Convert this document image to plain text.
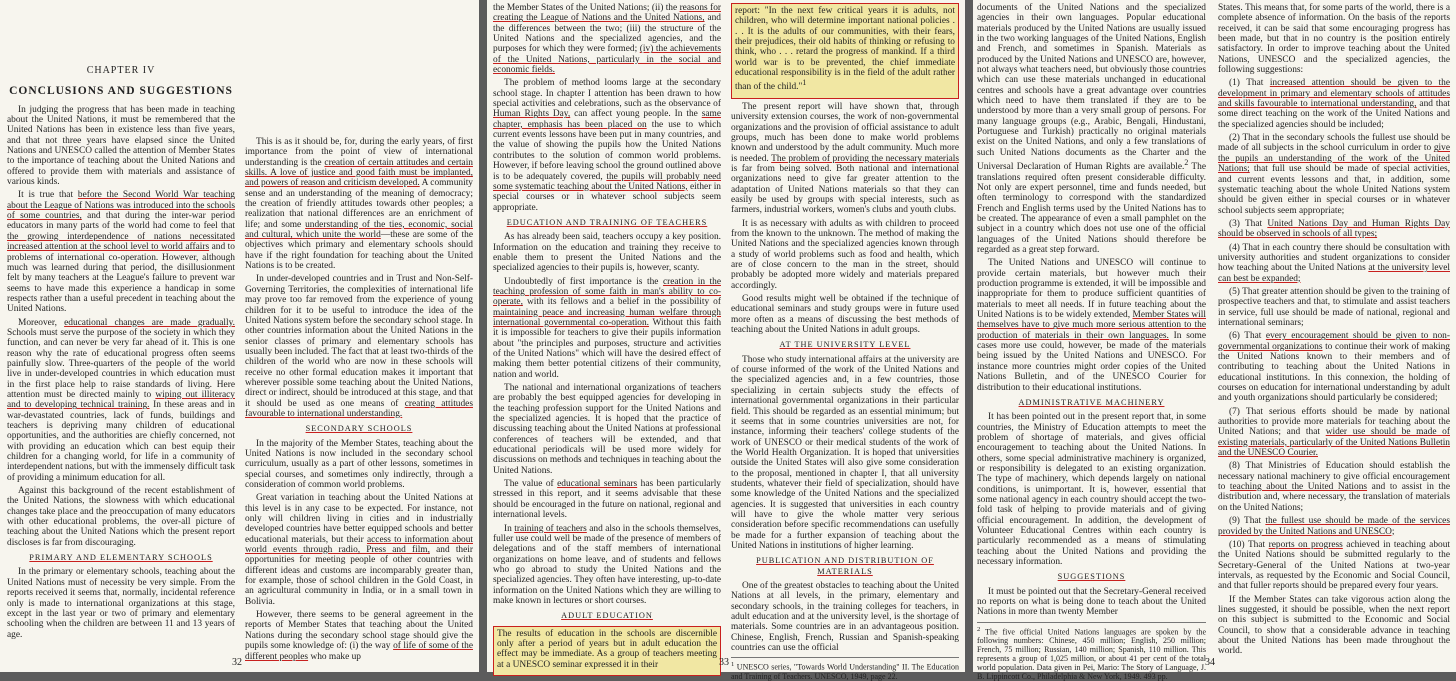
CHAPTER IV
CONCLUSIONS AND SUGGESTIONS

In judging the progress that has been made in teaching about the United Nations, it must be remembered that the United Nations has been in existence less than five years, and that not three years have elapsed since the United Nations and UNESCO called the attention of Member States to the importance of teaching about the United Nations and offered to provide them with materials and assistance of various kinds.

It is true that before the Second World War teaching about the League of Nations was introduced into the schools of some countries, and that during the inter-war period educators in many parts of the world had come to feel that the growing interdependence of nations necessitated increased attention at the school level to world affairs and to problems of international co-operation. However, although much was learned during that period, the disillusionment felt by many teachers at the League's failure to prevent war seems to have made this experience a handicap in some respects rather than a useful precedent in teaching about the United Nations.

Moreover, educational changes are made gradually. Schools must serve the purpose of the society in which they function, and can never be very far ahead of it. This is one reason why the rate of educational progress often seems painfully slow. Three-quarters of the people of the world live in under-developed countries in which education must in the first place help to raise standards of living. Here attention must be directed mainly to wiping out illiteracy and to developing technical training. In these areas and in war-devastated countries, lack of funds, buildings and teachers is depriving many children of educational opportunities, and the authorities are chiefly concerned, not with providing an education which can best equip their children for a changing world, for life in a community of interdependent nations, but with the immensely difficult task of providing a minimum education for all.

Against this background of the recent establishment of the United Nations, the slowness with which educational changes take place and the preoccupation of many educators with other educational problems, the over-all picture of teaching about the United Nations which the present report discloses is far from discouraging.

PRIMARY AND ELEMENTARY SCHOOLS

In the primary or elementary schools, teaching about the United Nations must of necessity be very simple. From the reports received it seems that, normally, incidental reference only is made to international organizations at this stage, except in the last year or two of primary and elementary schooling when the children are between 11 and 13 years of age.

This is as it should be, for, during the early years, of first importance from the point of view of international understanding is the creation of certain attitudes and certain skills. A love of justice and good faith must be implanted, and powers of reason and criticism developed. A community sense and an understanding of the meaning of democracy; the creation of friendly attitudes towards other peoples; a realization that national differences are an enrichment of life; and some understanding of the ties, economic, social and cultural, which unite the world—these are some of the objectives which primary and elementary schools should have if the right foundation for teaching about the United Nations is to be created.

In under-developed countries and in Trust and Non-Self-Governing Territories, the complexities of international life may prove too far removed from the experience of young children for it to be useful to introduce the idea of the United Nations system before the secondary school stage. In other countries information about the United Nations in the senior classes of primary and elementary schools has usually been included. The fact that at least two-thirds of the children of the world who are now in these schools will receive no other formal education makes it important that wherever possible some teaching about the United Nations, direct or indirect, should be introduced at this stage, and that it should be used as one means of creating attitudes favourable to international understanding.

SECONDARY SCHOOLS

In the majority of the Member States, teaching about the United Nations is now included in the secondary school curriculum, usually as a part of other lessons, sometimes in special courses, and sometimes only indirectly, through a consideration of common world problems.

Great variation in teaching about the United Nations at this level is in any case to be expected. For instance, not only will children living in cities and in industrially developed countries have better equipped schools and better educational materials, but their access to information about world events through radio, Press and film, and their opportunities for meeting people of other countries with different ideas and customs are incomparably greater than, for example, those of school children in the Gold Coast, in an agricultural community in India, or in a small town in Bolivia.

However, there seems to be general agreement in the reports of Member States that teaching about the United Nations during the secondary school stage should give the pupils some knowledge of: (i) the way of life of some of the different peoples who make up

32

the Member States of the United Nations; (ii) the reasons for creating the League of Nations and the United Nations, and the differences between the two; (iii) the structure of the United Nations and the specialized agencies, and the purposes for which they were formed; (iv) the achievements of the United Nations, particularly in the social and economic fields.

The problem of method looms large at the secondary school stage. In chapter I attention has been drawn to how special activities and celebrations, such as the observance of Human Rights Day, can affect young people. In the same chapter, emphasis has been placed on the use to which current events lessons have been put in many countries, and the value of showing the pupils how the United Nations contributes to the solution of common world problems. However, if before leaving school the ground outlined above is to be adequately covered, the pupils will probably need some systematic teaching about the United Nations, either in special courses or in whatever school subjects seem appropriate.

EDUCATION AND TRAINING OF TEACHERS

As has already been said, teachers occupy a key position. Information on the education and training they receive to enable them to present the United Nations and the specialized agencies to their pupils is, however, scanty.

Undoubtedly of first importance is the creation in the teaching profession of some faith in man's ability to co-operate, with its fellows and a belief in the possibility of maintaining peace and increasing human welfare through international governmental co-operation. Without this faith it is impossible for teachers to give their pupils information about "the principles and purposes, structure and activities of the United Nations" which will have the desired effect of making them better potential citizens of their community, nation and world.

The national and international organizations of teachers are probably the best equipped agencies for developing in the teaching profession support for the United Nations and the specialized agencies. It is hoped that the practice of discussing teaching about the United Nations at professional conferences of teachers will be extended, and that educational periodicals will be used more widely for discussions on methods and techniques in teaching about the United Nations.

The value of educational seminars has been particularly stressed in this report, and it seems advisable that these should be encouraged in the future on national, regional and international levels.

In training of teachers and also in the schools themselves, fuller use could well be made of the presence of members of delegations and of the staff members of international organizations on home leave, and of students and fellows who go abroad to study the United Nations and the specialized agencies. They often have interesting, up-to-date information on the United Nations which they are willing to make known in lectures or short courses.

ADULT EDUCATION

The results of education in the schools are discernible only after a period of years but in adult education the effect may be immediate. As a group of teachers meeting at a UNESCO seminar expressed it in their

report: "In the next few critical years it is adults, not children, who will determine important national policies . . . It is the adults of our communities, with their fears, their prejudices, their old habits of thinking or refusing to think, who . . . retard the progress of mankind. If a third world war is to be prevented, the chief immediate educational responsibility is in the field of the adult rather than of the child."$^1$

The present report will have shown that, through university extension courses, the work of non-governmental organizations and the provision of official assistance to adult groups, much has been done to make world problems known and understood by the adult community. Much more is needed. The problem of providing the necessary materials is far from being solved. Both national and international organizations need to give far greater attention to the adaptation of United Nations materials so that they can easily be used by groups with special interests, such as farmers, industrial workers, women's clubs and youth clubs.

It is as necessary with adults as with children to proceed from the known to the unknown. The method of making the United Nations and the specialized agencies known through a study of world problems such as food and health, which are of close concern to the man in the street, should probably be adopted more widely and materials prepared accordingly.

Good results might well be obtained if the technique of educational seminars and study groups were in future used more often as a means of discussing the best methods of teaching about the United Nations in adult groups.

AT THE UNIVERSITY LEVEL

Those who study international affairs at the university are of course informed of the work of the United Nations and the specialized agencies and, in a few countries, those specializing in certain subjects study the effects of international governmental organizations in their particular field. This should be regarded as an essential minimum; but it seems that in some countries universities are not, for instance, informing their teachers' college students of the work of UNESCO or their medical students of the work of the World Health Organization. It is hoped that universities outside the United States will also give some consideration to the proposal, mentioned in chapter I, that all university students, whatever their field of specialization, should have some knowledge of the United Nations and the specialized agencies. It is suggested that universities in each country will have to give the whole matter very serious consideration before specific recommendations can usefully be made for a further expansion of teaching about the United Nations in institutions of higher learning.

PUBLICATION AND DISTRIBUTION OF MATERIALS

One of the greatest obstacles to teaching about the United Nations at all levels, in the primary, elementary and secondary schools, in the training colleges for teachers, in adult education and at the university level, is the shortage of materials. Some countries are in an advantageous position. Chinese, English, French, Russian and Spanish-speaking countries can use the official

$^1$ UNESCO series, "Towards World Understanding" II. The Education and Training of Teachers. UNESCO, 1949, page 22.
33

documents of the United Nations and the specialized agencies in their own languages. Popular educational materials produced by the United Nations are usually issued in the two working languages of the United Nations, English and French, and sometimes in Spanish. Materials as produced by the United Nations and UNESCO are, however, not always what teachers need, but obviously those countries which can use these materials unchanged in educational centres and schools have a great advantage over countries which need to have them translated if they are to be understood by more than a very small group of persons. For many language groups (e.g., Arabic, Bengali, Hindustani, Portuguese and Turkish) practically no original materials exist on the United Nations, and only a few translations of such United Nations documents as the Charter and the Universal Declaration of Human Rights are available.$^2$ The translations required often present considerable difficulty. Not only are expert personnel, time and funds needed, but often terminology to correspond with the standardized French and English terms used by the United Nations has to be created. The appearance of even a small pamphlet on the subject in a country which does not use one of the official languages of the United Nations should therefore be regarded as a great step forward.

The United Nations and UNESCO will continue to provide certain materials, but however much their production programme is extended, it will be impossible and inappropriate for them to produce sufficient quantities of materials to meet all needs. If in future teaching about the United Nations is to be widely extended, Member States will themselves have to give much more serious attention to the production of materials in their own languages. In some cases more use could, however, be made of the materials being issued by the United Nations and UNESCO. For instance more countries might order copies of the United Nations Bulletin, and of the UNESCO Courier for distribution to their educational institutions.

ADMINISTRATIVE MACHINERY

It has been pointed out in the present report that, in some countries, the Ministry of Education attempts to meet the problem of shortage of materials, and gives official encouragement to teaching about the United Nations. In others, some special administrative machinery is organized, or responsibility is delegated to an existing organization. The type of machinery, which depends largely on national conditions, is unimportant. It is, however, essential that some national agency in each country should accept the two-fold task of helping to provide materials and of giving official encouragement. In addition, the development of Volunteer Educational Centres within each country is particularly recommended as a means of stimulating teaching about the United Nations and providing the necessary information.

SUGGESTIONS

It must be pointed out that the Secretary-General received no reports on what is being done to teach about the United Nations in more than twenty Member

$^2$ The five official United Nations languages are spoken by the following numbers: Chinese, 450 million; English, 250 million; French, 75 million; Russian, 140 million; Spanish, 110 million. This represents a group of 1,025 million, or about 41 per cent of the total world population. Data given in Pei, Mario: The Story of Language, J. B. Lippincott Co., Philadelphia & New York, 1949. 493 pp.

States. This means that, for some parts of the world, there is a complete absence of information. On the basis of the reports received, it can be said that some encouraging progress has been made, but that in no country is the position entirely satisfactory. In order to improve teaching about the United Nations, UNESCO and the specialized agencies, the following suggestions:

(1) That increased attention should be given to the development in primary and elementary schools of attitudes and skills favourable to international understanding, and that some direct teaching on the work of the United Nations and the specialized agencies should be included;

(2) That in the secondary schools the fullest use should be made of all subjects in the school curriculum in order to give the pupils an understanding of the work of the United Nations; that full use should be made of special activities, and current events lessons and that, in addition, some systematic teaching about the whole United Nations system should be given either in special courses or in whatever school subjects seem appropriate;

(3) That United Nations Day and Human Rights Day should be observed in schools of all types;

(4) That in each country there should be consultation with university authorities and student organizations to consider how teaching about the United Nations at the university level can best be expanded;

(5) That greater attention should be given to the training of prospective teachers and that, to stimulate and assist teachers in service, full use should be made of national, regional and international seminars;

(6) That every encouragement should be given to non-governmental organizations to continue their work of making the United Nations known to their members and of contributing to teaching about the United Nations in educational institutions. In this connexion, the holding of courses on education for international understanding by adult and youth organizations should particularly be considered;

(7) That serious efforts should be made by national authorities to provide more materials for teaching about the United Nations; and that wider use should be made of existing materials, particularly of the United Nations Bulletin and the UNESCO Courier.

(8) That Ministries of Education should establish the necessary national machinery to give official encouragement to teaching about the United Nations and to assist in the distribution and, where necessary, the translation of materials on the United Nations;

(9) That the fullest use should be made of the services provided by the United Nations and UNESCO;

(10) That reports on progress achieved in teaching about the United Nations should be submitted regularly to the Secretary-General of the United Nations at two-year intervals, as requested by the Economic and Social Council, and that fuller reports should be prepared every four years.

If the Member States can take vigorous action along the lines suggested, it should be possible, when the next report on this subject is submitted to the Economic and Social Council, to show that a considerable advance in teaching about the United Nations has been made throughout the world.

34
